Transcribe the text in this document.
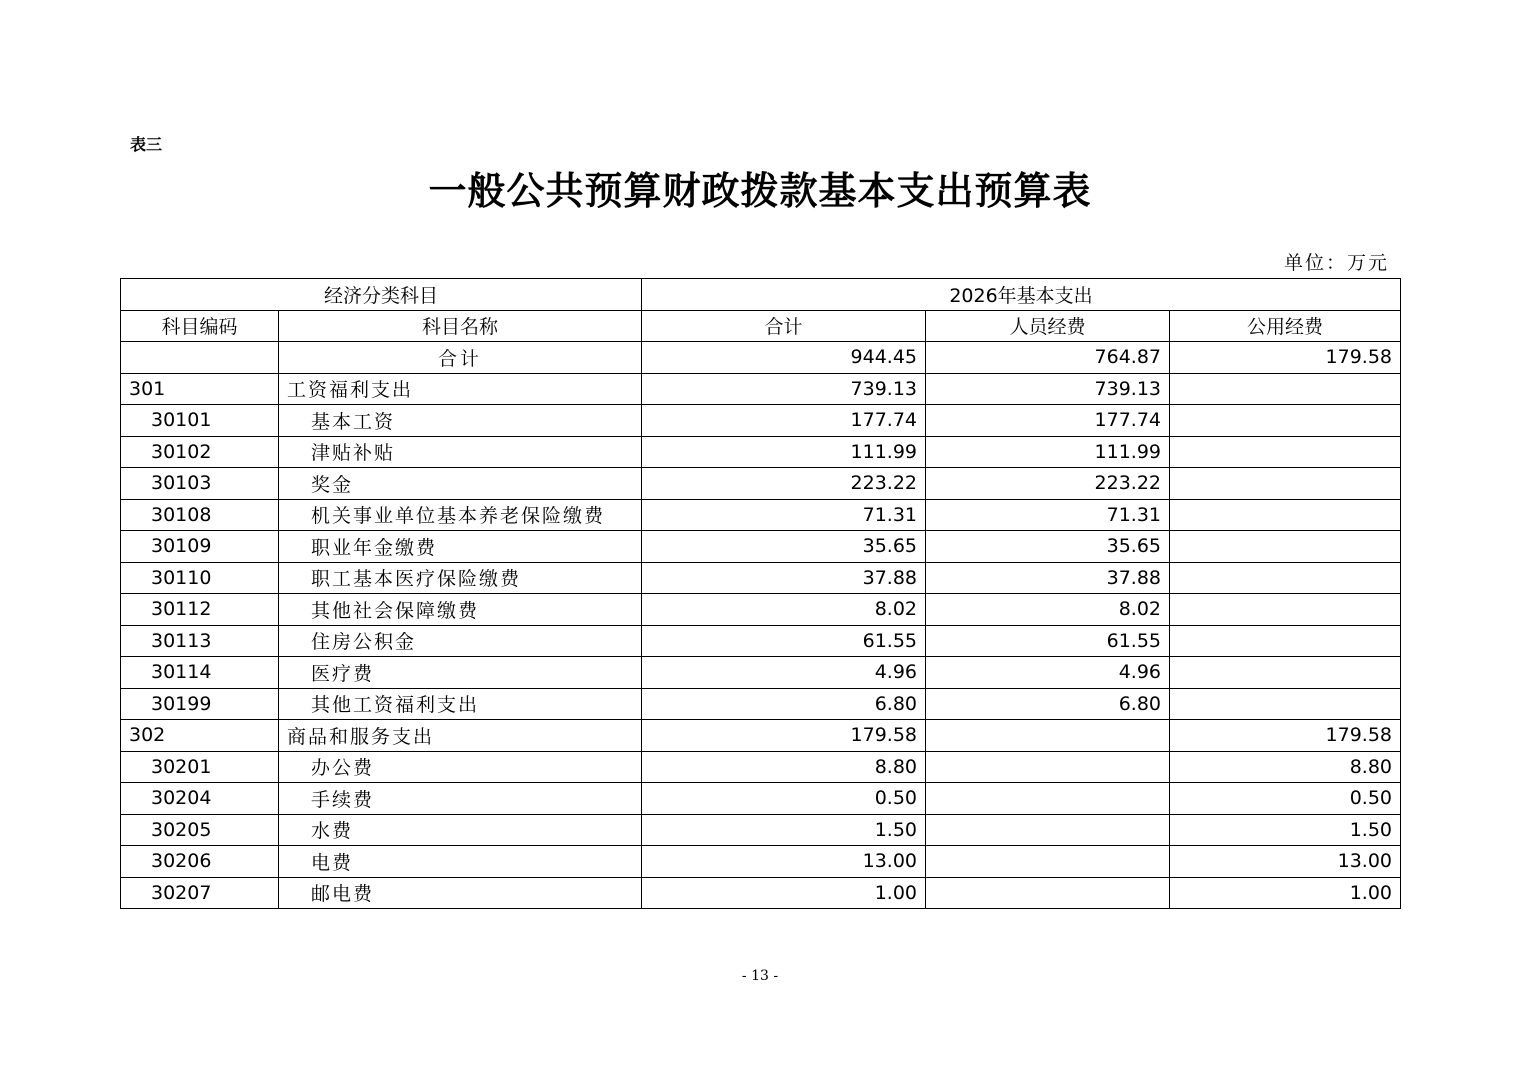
表三
一般公共预算财政拨款基本支出预算表
单位：万元
经济分类科目		2026年基本支出		
科目编码	科目名称	合计	人员经费	公用经费
	合计	944.45	764.87	179.58
301	工资福利支出	739.13	739.13	
30101	基本工资	177.74	177.74	
30102	津贴补贴	111.99	111.99	
30103	奖金	223.22	223.22	
30108	机关事业单位基本养老保险缴费	71.31	71.31	
30109	职业年金缴费	35.65	35.65	
30110	职工基本医疗保险缴费	37.88	37.88	
30112	其他社会保障缴费	8.02	8.02	
30113	住房公积金	61.55	61.55	
30114	医疗费	4.96	4.96	
30199	其他工资福利支出	6.80	6.80	
302	商品和服务支出	179.58		179.58
30201	办公费	8.80		8.80
30204	手续费	0.50		0.50
30205	水费	1.50		1.50
30206	电费	13.00		13.00
30207	邮电费	1.00		1.00
- 13 -
